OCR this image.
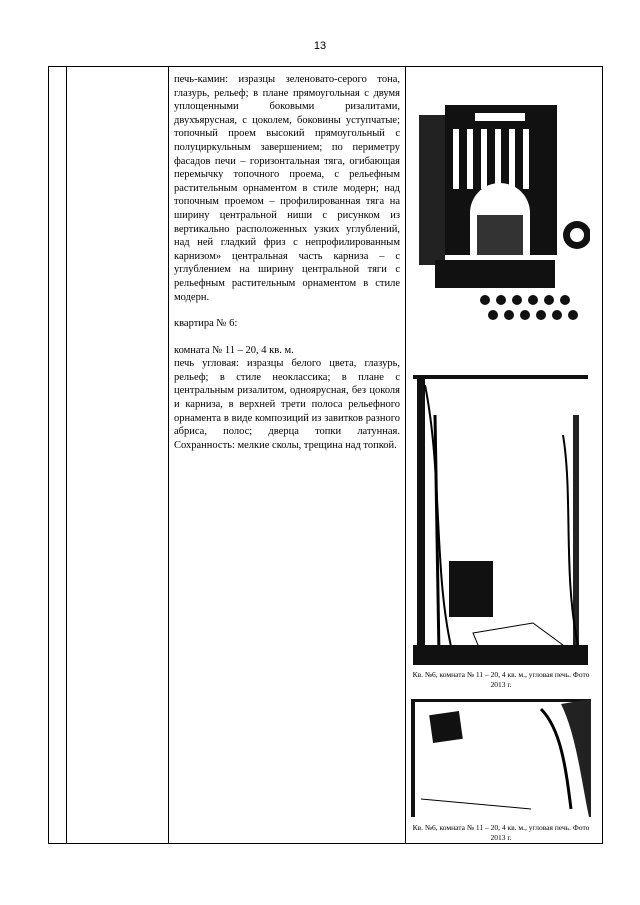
13

печь-камин: изразцы зеленовато-серого тона, глазурь, рельеф; в плане прямоугольная с двумя уплощенными боковыми ризалитами, двухъярусная, с цоколем, боковины уступчатые; топочный проем высокий прямоугольный с полуциркульным завершением; по периметру фасадов печи – горизонтальная тяга, огибающая перемычку топочного проема, с рельефным растительным орнаментом в стиле модерн; над топочным проемом – профилированная тяга на ширину центральной ниши с рисунком из вертикально расположенных узких углублений, над ней гладкий фриз с непрофилированным карнизом» центральная часть карниза – с углублением на ширину центральной тяги с рельефным растительным орнаментом в стиле модерн.

квартира № 6:

комната № 11 – 20, 4 кв. м.

печь угловая: изразцы белого цвета, глазурь, рельеф; в стиле неоклассика; в плане с центральным ризалитом, одноярусная, без цоколя и карниза, в верхней трети полоса рельефного орнамента в виде композиций из завитков разного абриса, полос; дверца топки латунная. Сохранность: мелкие сколы, трещина над топкой.

Кв. №6, комната № 11 – 20, 4 кв. м., угловая печь. Фото 2013 г.
Кв. №6, комната № 11 – 20, 4 кв. м., угловая печь. Фото 2013 г.
